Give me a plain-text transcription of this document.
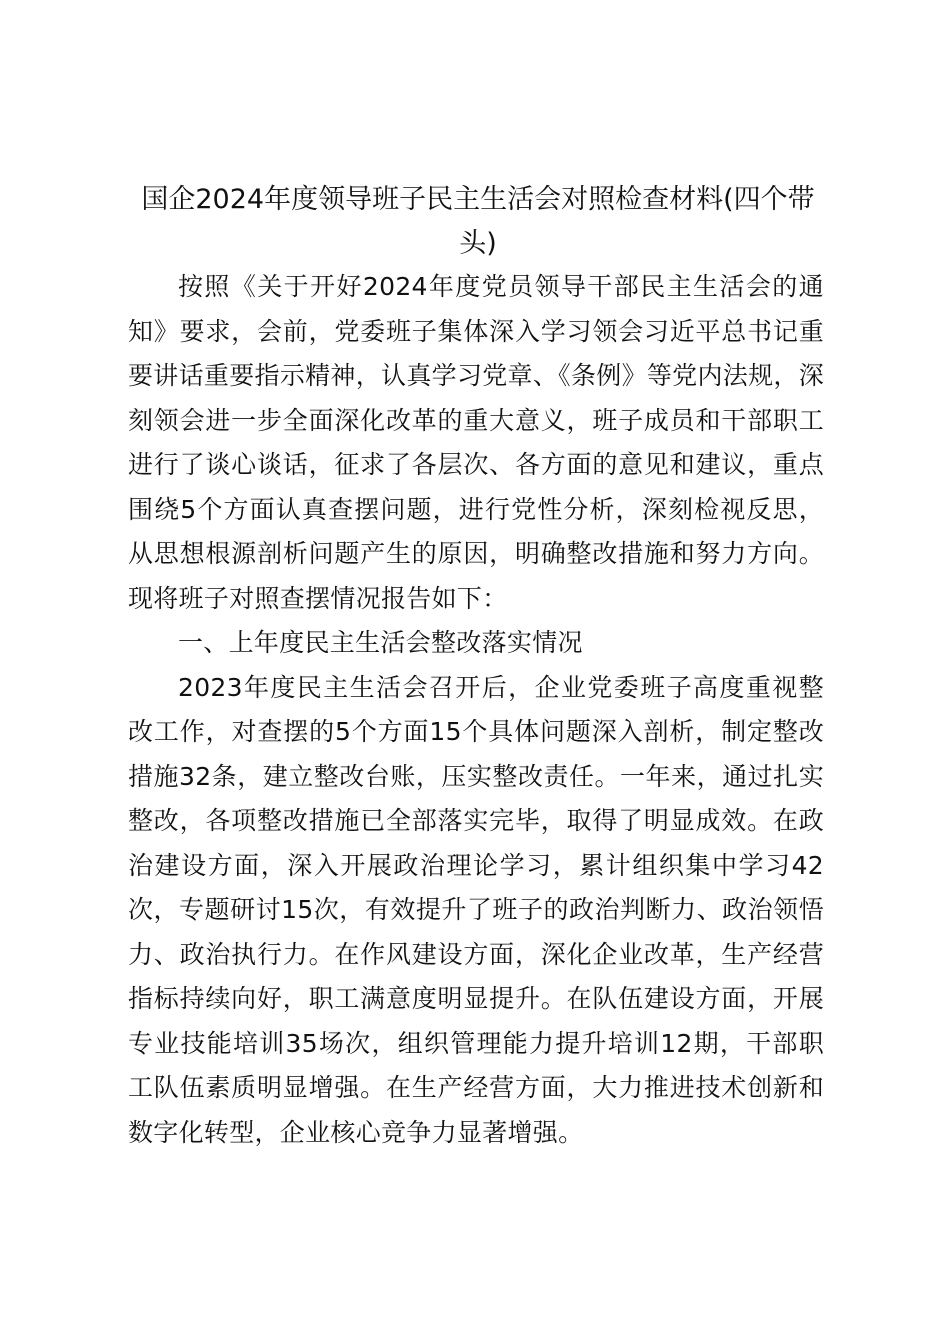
国企2024年度领导班子民主生活会对照检查材料(四个带头)

按照《关于开好2024年度党员领导干部民主生活会的通知》要求，会前，党委班子集体深入学习领会习近平总书记重要讲话重要指示精神，认真学习党章、《条例》等党内法规，深刻领会进一步全面深化改革的重大意义，班子成员和干部职工进行了谈心谈话，征求了各层次、各方面的意见和建议，重点围绕5个方面认真查摆问题，进行党性分析，深刻检视反思，从思想根源剖析问题产生的原因，明确整改措施和努力方向。现将班子对照查摆情况报告如下：

一、上年度民主生活会整改落实情况

2023年度民主生活会召开后，企业党委班子高度重视整改工作，对查摆的5个方面15个具体问题深入剖析，制定整改措施32条，建立整改台账，压实整改责任。一年来，通过扎实整改，各项整改措施已全部落实完毕，取得了明显成效。在政治建设方面，深入开展政治理论学习，累计组织集中学习42次，专题研讨15次，有效提升了班子的政治判断力、政治领悟力、政治执行力。在作风建设方面，深化企业改革，生产经营指标持续向好，职工满意度明显提升。在队伍建设方面，开展专业技能培训35场次，组织管理能力提升培训12期，干部职工队伍素质明显增强。在生产经营方面，大力推进技术创新和数字化转型，企业核心竞争力显著增强。
